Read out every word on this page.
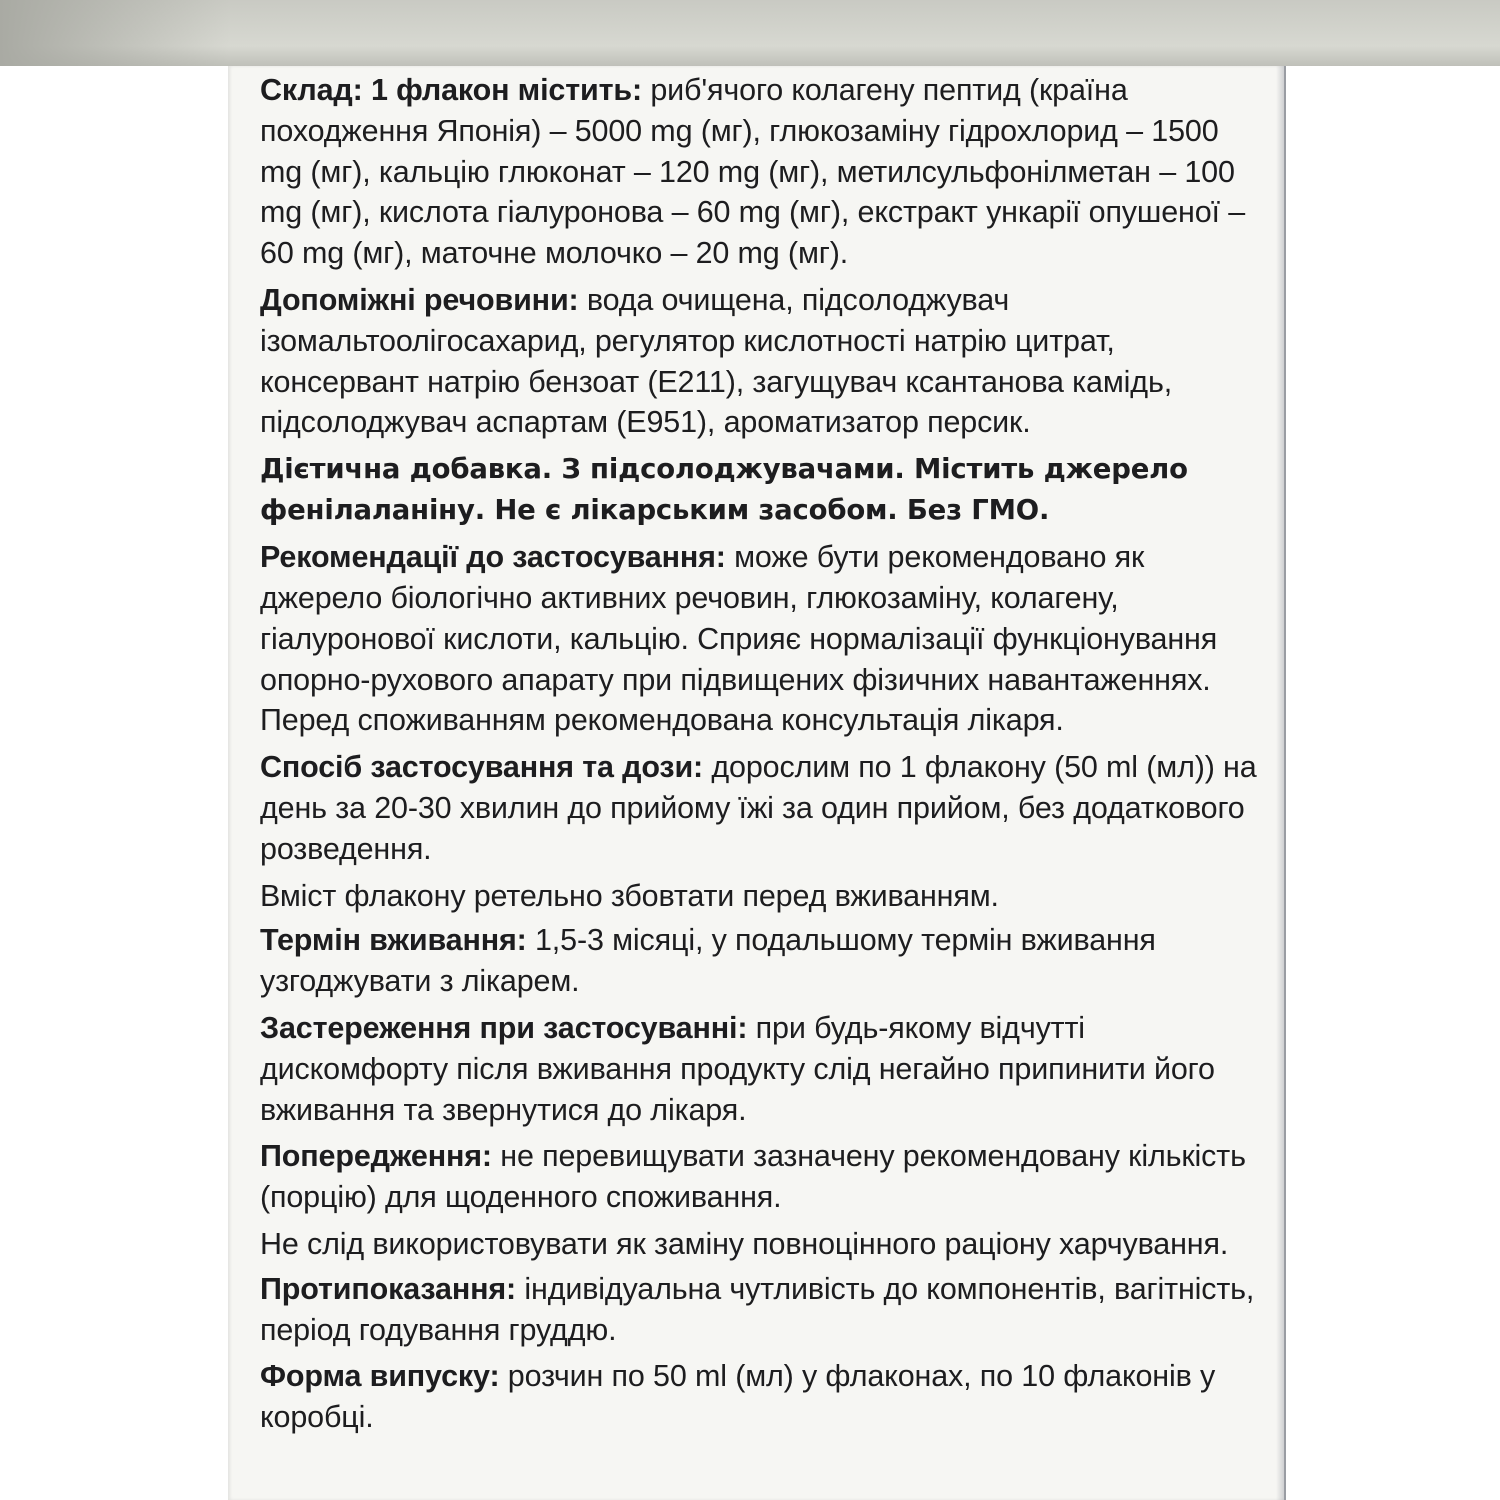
Склад: 1 флакон містить: риб'ячого колагену пептид (країна походження Японія) – 5000 mg (мг), глюкозаміну гідрохлорид – 1500 mg (мг), кальцію глюконат – 120 mg (мг), метилсульфонілметан – 100 mg (мг), кислота гіалуронова – 60 mg (мг), екстракт ункарії опушеної – 60 mg (мг), маточне молочко – 20 mg (мг).

Допоміжні речовини: вода очищена, підсолоджувач ізомальтоолігосахарид, регулятор кислотності натрію цитрат, консервант натрію бензоат (E211), загущувач ксантанова камідь, підсолоджувач аспартам (E951), ароматизатор персик.

Дієтична добавка. З підсолоджувачами. Містить джерело фенілаланіну. Не є лікарським засобом. Без ГМО.

Рекомендації до застосування: може бути рекомендовано як джерело біологічно активних речовин, глюкозаміну, колагену, гіалуронової кислоти, кальцію. Сприяє нормалізації функціонування опорно-рухового апарату при підвищених фізичних навантаженнях. Перед споживанням рекомендована консультація лікаря.

Спосіб застосування та дози: дорослим по 1 флакону (50 ml (мл)) на день за 20-30 хвилин до прийому їжі за один прийом, без додаткового розведення.

Вміст флакону ретельно збовтати перед вживанням.

Термін вживання: 1,5-3 місяці, у подальшому термін вживання узгоджувати з лікарем.

Застереження при застосуванні: при будь-якому відчутті дискомфорту після вживання продукту слід негайно припинити його вживання та звернутися до лікаря.

Попередження: не перевищувати зазначену рекомендовану кількість (порцію) для щоденного споживання.

Не слід використовувати як заміну повноцінного раціону харчування.

Протипоказання: індивідуальна чутливість до компонентів, вагітність, період годування груддю.

Форма випуску: розчин по 50 ml (мл) у флаконах, по 10 флаконів у коробці.
